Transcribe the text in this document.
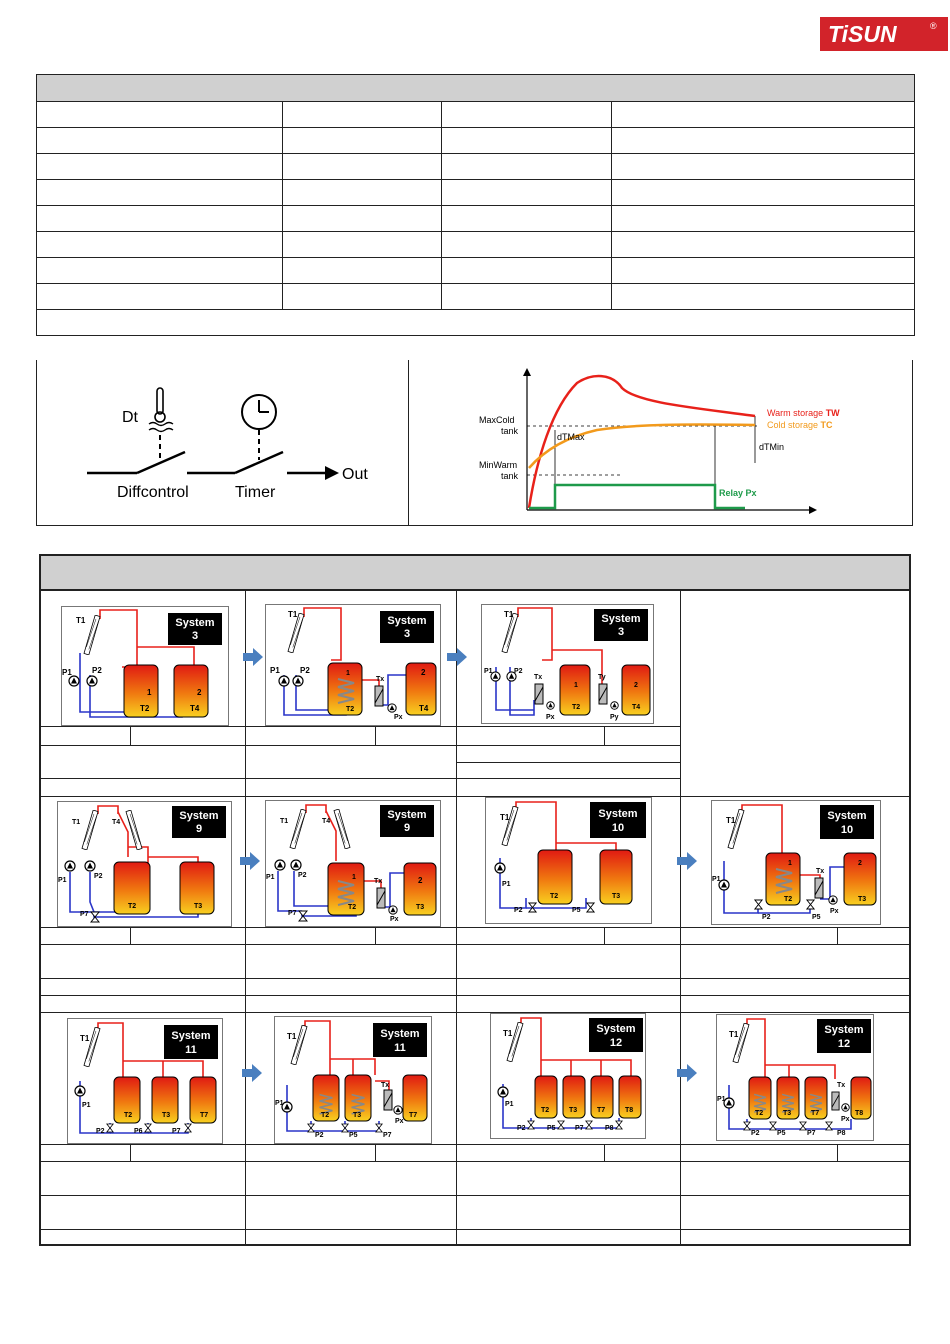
TiSUN	®

Dt
Diffcontrol	Timer
Out
MaxCold
tank
MinWarm
tank
dTMax
dTMin
Warm storage TW
Cold storage TC
Relay Px
System
3
T1
P1	P2
1	2
T2	T4
System
3
T1
P1	P2
Tx
Px
1	2
T2	T4
System
3
T1
P1	P2
Tx
Px
Ty
Py
1	2
T2	T4
System
9
T1	T4
P1
P2
P7
T2	T3
System
9
T1	T4
P1	P2
P7
Tx
Px
1	2
T2	T3
System
10
T1
P1
P2	P5
T2	T3
System
10
T1
P1
P2	P5
Tx
Px
1	2
T2	T3
System
11
T1
P1
P2	P6	P7
T2	T3	T7
System
11
T1
P1
P2	P5	P7
Tx
Px
T2	T3	T7
System
12
T1
P1
P2	P5	P7	P8
T2	T3	T7	T8
System
12
T1
P1
P2 P5	P7	P8
Tx
Px
T2	T3	T7	T8
